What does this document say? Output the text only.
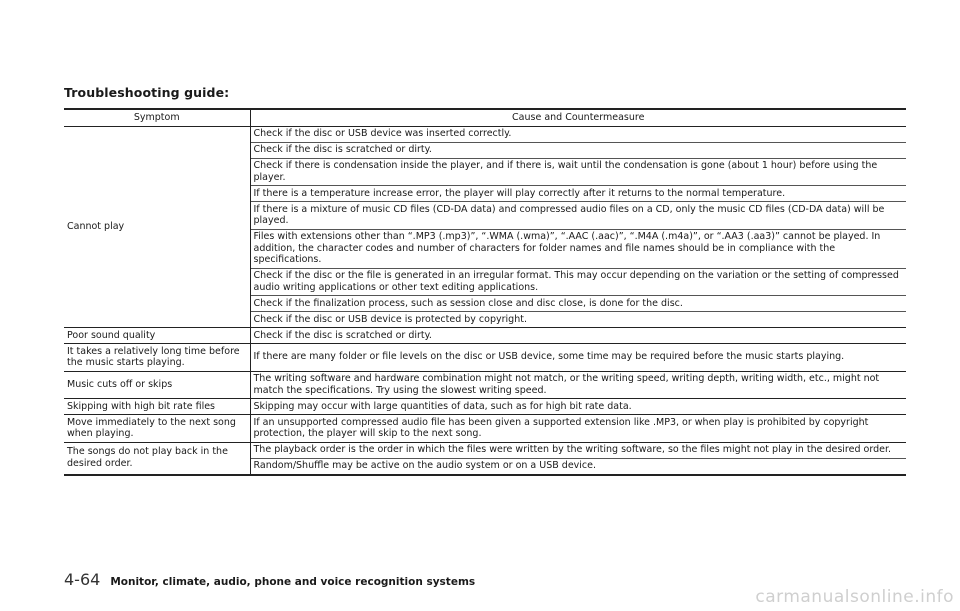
Troubleshooting guide:
Symptom	Cause and Countermeasure
Cannot play	Check if the disc or USB device was inserted correctly.
	Check if the disc is scratched or dirty.
	Check if there is condensation inside the player, and if there is, wait until the condensation is gone (about 1 hour) before using the player.
	If there is a temperature increase error, the player will play correctly after it returns to the normal temperature.
	If there is a mixture of music CD files (CD-DA data) and compressed audio files on a CD, only the music CD files (CD-DA data) will be played.
	Files with extensions other than “.MP3 (.mp3)”, “.WMA (.wma)”, “.AAC (.aac)”, “.M4A (.m4a)”, or “.AA3 (.aa3)” cannot be played. In addition, the character codes and number of characters for folder names and file names should be in compliance with the specifications.
	Check if the disc or the file is generated in an irregular format. This may occur depending on the variation or the setting of compressed audio writing applications or other text editing applications.
	Check if the finalization process, such as session close and disc close, is done for the disc.
	Check if the disc or USB device is protected by copyright.
Poor sound quality	Check if the disc is scratched or dirty.
It takes a relatively long time before the music starts playing.	If there are many folder or file levels on the disc or USB device, some time may be required before the music starts playing.
Music cuts off or skips	The writing software and hardware combination might not match, or the writing speed, writing depth, writing width, etc., might not match the specifications. Try using the slowest writing speed.
Skipping with high bit rate files	Skipping may occur with large quantities of data, such as for high bit rate data.
Move immediately to the next song when playing.	If an unsupported compressed audio file has been given a supported extension like .MP3, or when play is prohibited by copyright protection, the player will skip to the next song.
The songs do not play back in the desired order.	The playback order is the order in which the files were written by the writing software, so the files might not play in the desired order.
	Random/Shuffle may be active on the audio system or on a USB device.
4-64 Monitor, climate, audio, phone and voice recognition systems
carmanualsonline.info
